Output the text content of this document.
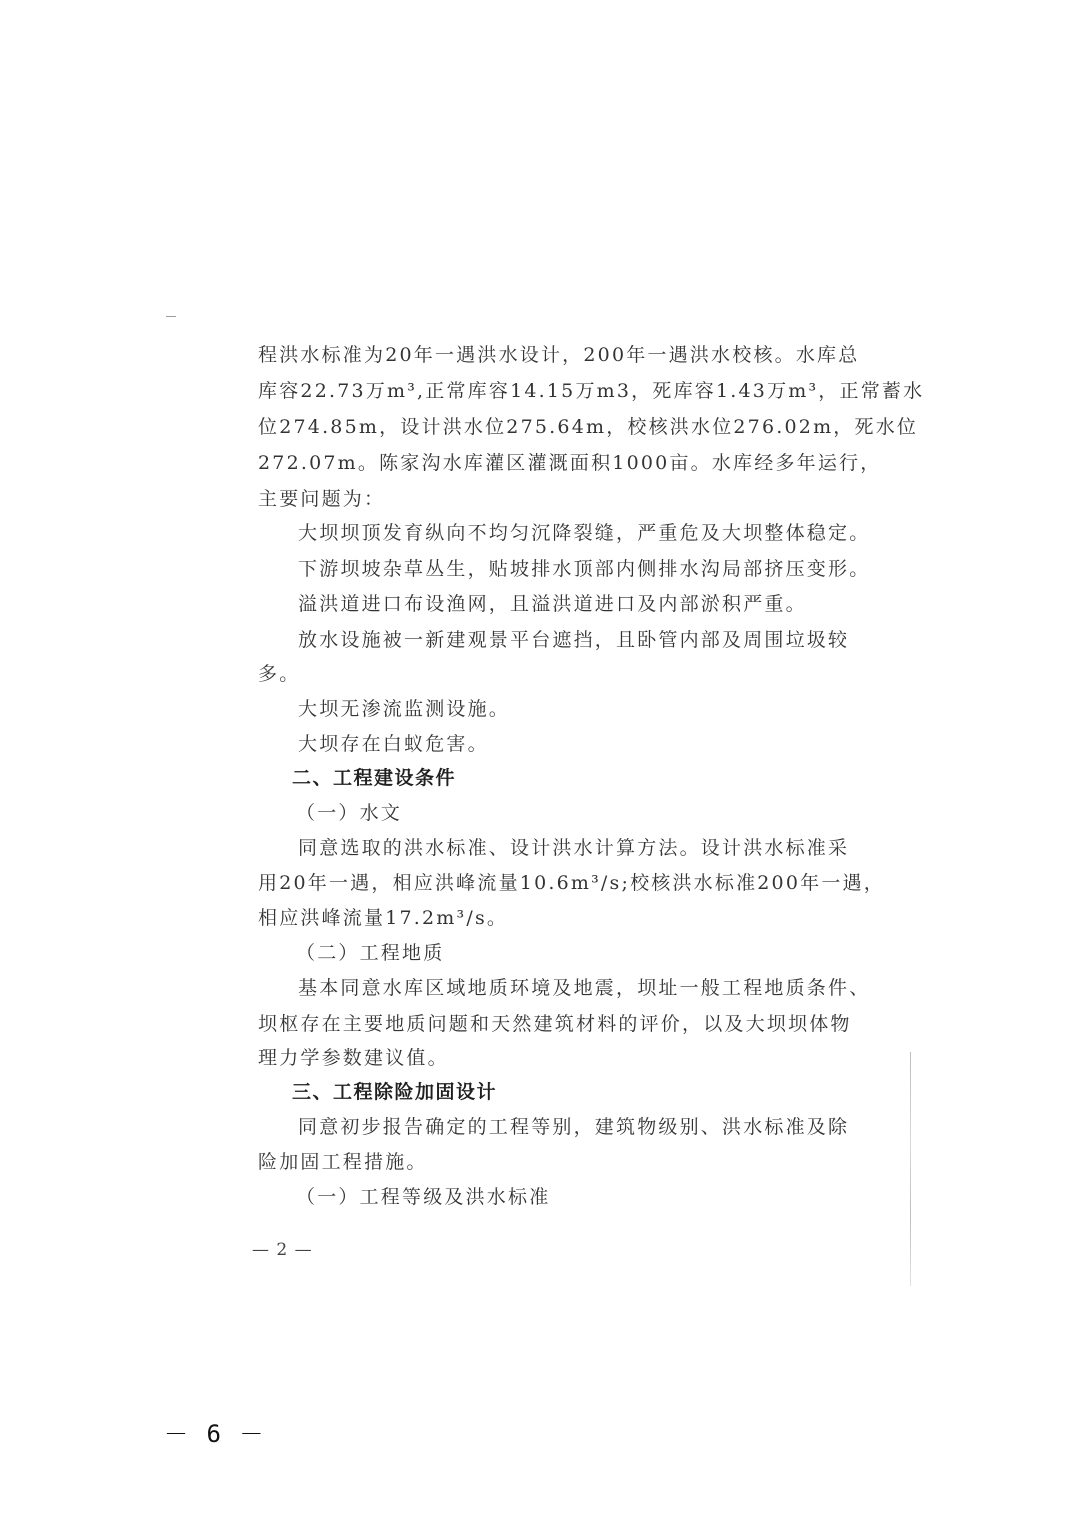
程洪水标准为20年一遇洪水设计，200年一遇洪水校核。水库总
库容22.73万m³,正常库容14.15万m3，死库容1.43万m³，正常蓄水
位274.85m，设计洪水位275.64m，校核洪水位276.02m，死水位
272.07m。陈家沟水库灌区灌溉面积1000亩。水库经多年运行，
主要问题为：
大坝坝顶发育纵向不均匀沉降裂缝，严重危及大坝整体稳定。
下游坝坡杂草丛生，贴坡排水顶部内侧排水沟局部挤压变形。
溢洪道进口布设渔网，且溢洪道进口及内部淤积严重。
放水设施被一新建观景平台遮挡，且卧管内部及周围垃圾较
多。
大坝无渗流监测设施。
大坝存在白蚁危害。
二、工程建设条件
（一）水文
同意选取的洪水标准、设计洪水计算方法。设计洪水标准采
用20年一遇，相应洪峰流量10.6m³/s;校核洪水标准200年一遇，
相应洪峰流量17.2m³/s。
（二）工程地质
基本同意水库区域地质环境及地震，坝址一般工程地质条件、
坝枢存在主要地质问题和天然建筑材料的评价，以及大坝坝体物
理力学参数建议值。
三、工程除险加固设计
同意初步报告确定的工程等别，建筑物级别、洪水标准及除
险加固工程措施。
（一）工程等级及洪水标准
— 2 —
－ 6 －
